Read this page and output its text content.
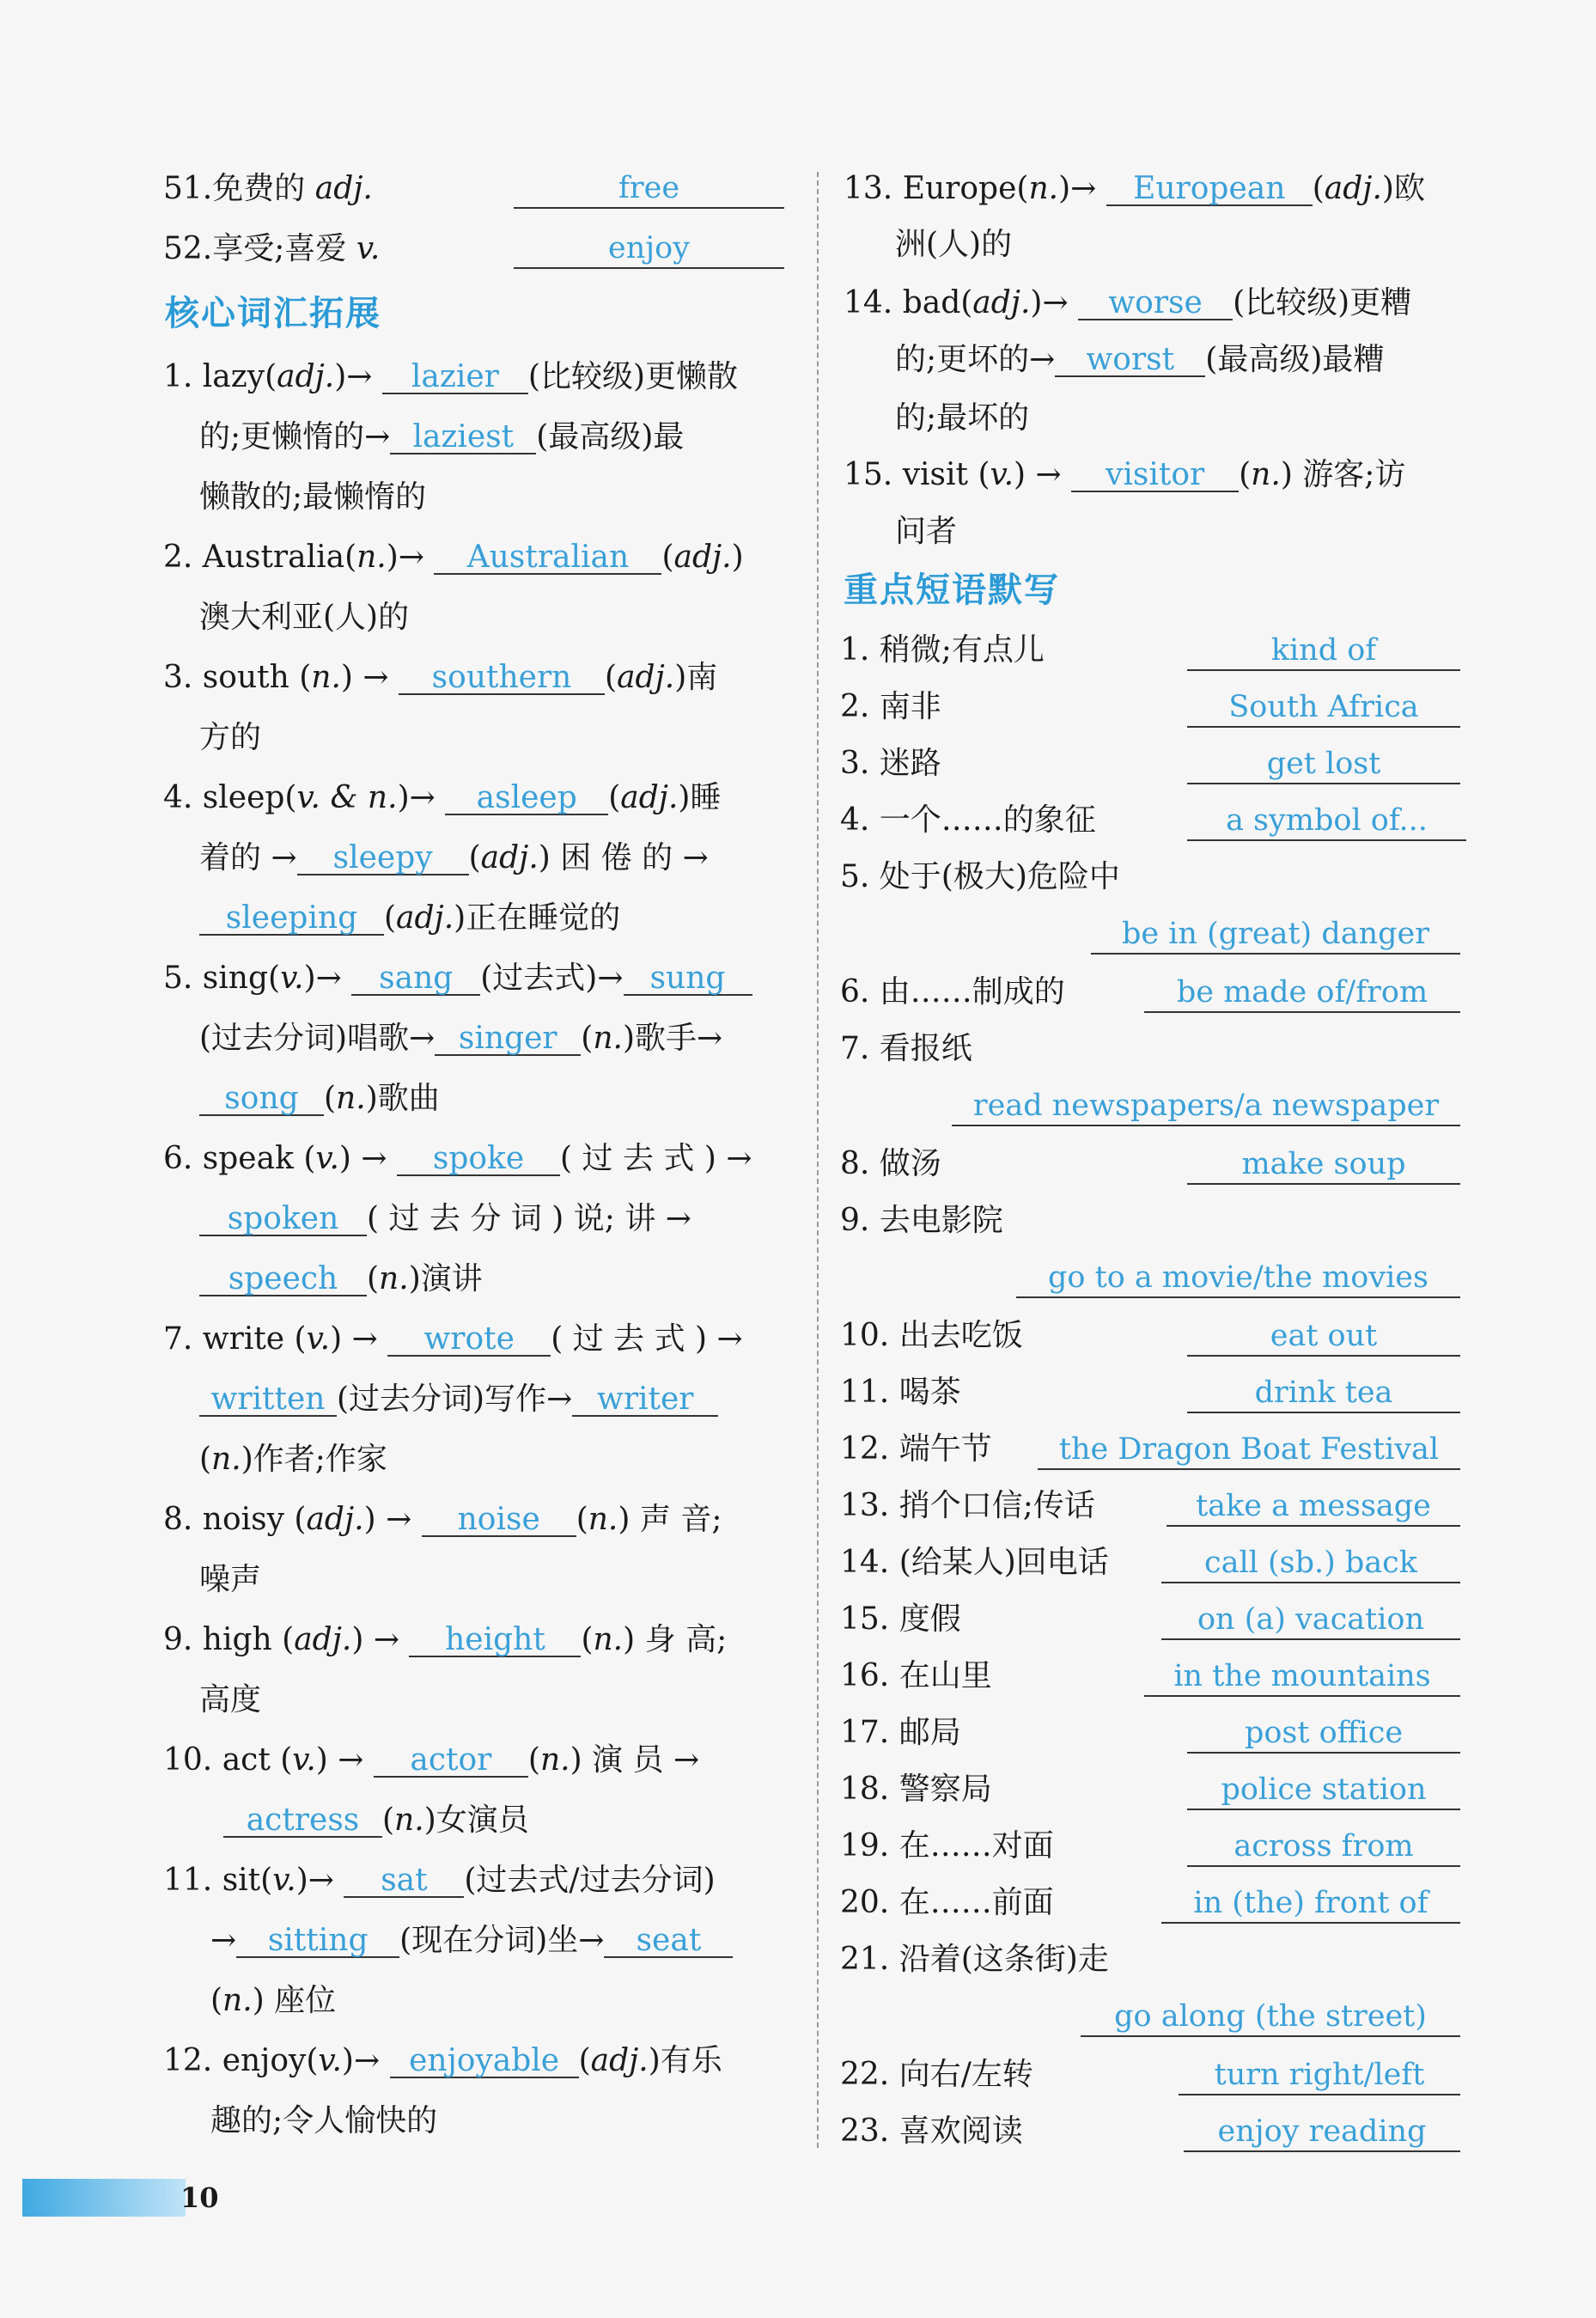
51.免费的 adj.	free
52.享受;喜爱 v.	enjoy
核心词汇拓展
1. lazy(adj.)→ lazier (比较级)更懒散
的;更懒惰的→ laziest (最高级)最
懒散的;最懒惰的
2. Australia(n.)→ Australian (adj.)
澳大利亚(人)的
3. south (n.) → southern (adj.)南
方的
4. sleep(v. & n.)→ asleep (adj.)睡
着的 → sleepy (adj.) 困 倦 的 →
sleeping (adj.)正在睡觉的
5. sing(v.)→ sang (过去式)→ sung
(过去分词)唱歌→ singer (n.)歌手→
song (n.)歌曲
6. speak (v.) → spoke ( 过 去 式 ) →
spoken ( 过 去 分 词 ) 说; 讲 →
speech (n.)演讲
7. write (v.) → wrote ( 过 去 式 ) →
written (过去分词)写作→ writer
(n.)作者;作家
8. noisy (adj.) → noise (n.) 声 音;
噪声
9. high (adj.) → height (n.) 身 高;
高度
10. act (v.) → actor (n.) 演 员 →
actress (n.)女演员
11. sit(v.)→ sat (过去式/过去分词)
→ sitting (现在分词)坐→ seat
(n.) 座位
12. enjoy(v.)→ enjoyable (adj.)有乐
趣的;令人愉快的
13. Europe(n.)→ European (adj.)欧
洲(人)的
14. bad(adj.)→ worse (比较级)更糟
的;更坏的→ worst (最高级)最糟
的;最坏的
15. visit (v.) → visitor (n.) 游客;访
问者
重点短语默写
1. 稍微;有点儿	kind of
2. 南非	South Africa
3. 迷路	get lost
4. 一个……的象征	a symbol of...
5. 处于(极大)危险中
be in (great) danger
6. 由……制成的	be made of/from
7. 看报纸
read newspapers/a newspaper
8. 做汤	make soup
9. 去电影院
go to a movie/the movies
10. 出去吃饭	eat out
11. 喝茶	drink tea
12. 端午节	the Dragon Boat Festival
13. 捎个口信;传话	take a message
14. (给某人)回电话	call (sb.) back
15. 度假	on (a) vacation
16. 在山里	in the mountains
17. 邮局	post office
18. 警察局	police station
19. 在……对面	across from
20. 在……前面	in (the) front of
21. 沿着(这条街)走
go along (the street)
22. 向右/左转	turn right/left
23. 喜欢阅读	enjoy reading
10
